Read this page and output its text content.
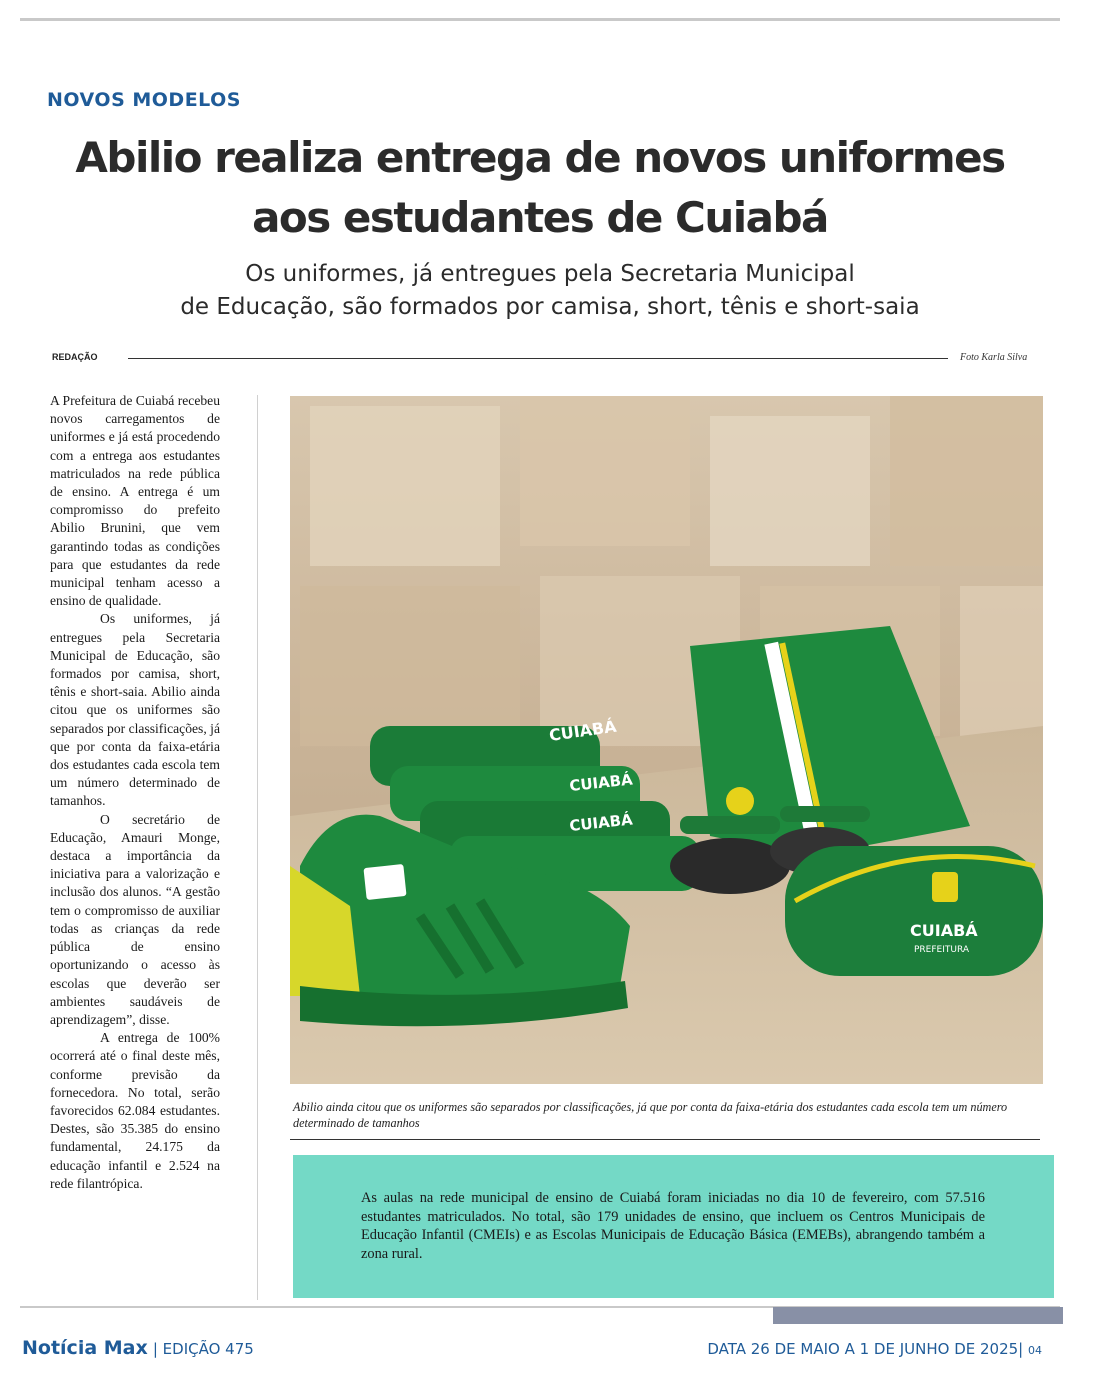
NOVOS MODELOS
Abilio realiza entrega de novos uniformes
aos estudantes de Cuiabá

Os uniformes, já entregues pela Secretaria Municipal
de Educação, são formados por camisa, short, tênis e short-saia

REDAÇÃO	Foto Karla Silva

A Prefeitura de Cuiabá recebeu novos carregamentos de uniformes e já está procedendo com a entrega aos estudantes matriculados na rede pública de ensino. A entrega é um compromisso do prefeito Abilio Brunini, que vem garantindo todas as condições para que estudantes da rede municipal tenham acesso a ensino de qualidade.

Os uniformes, já entregues pela Secretaria Municipal de Educação, são formados por camisa, short, tênis e short-saia. Abilio ainda citou que os uniformes são separados por classificações, já que por conta da faixa-etária dos estudantes cada escola tem um número determinado de tamanhos.

O secretário de Educação, Amauri Monge, destaca a importância da iniciativa para a valorização e inclusão dos alunos. “A gestão tem o compromisso de auxiliar todas as crianças da rede pública de ensino oportunizando o acesso às escolas que deverão ser ambientes saudáveis de aprendizagem”, disse.

A entrega de 100% ocorrerá até o final deste mês, conforme previsão da fornecedora. No total, serão favorecidos 62.084 estudantes. Destes, são 35.385 do ensino fundamental, 24.175 da educação infantil e 2.524 na rede filantrópica.

CUIABÁ
CUIABÁ
CUIABÁ
CUIABÁ
PREFEITURA
Abilio ainda citou que os uniformes são separados por classificações, já que por conta da faixa-etária dos estudantes cada escola tem um número determinado de tamanhos
As aulas na rede municipal de ensino de Cuiabá foram iniciadas no dia 10 de fevereiro, com 57.516 estudantes matriculados. No total, são 179 unidades de ensino, que incluem os Centros Municipais de Educação Infantil (CMEIs) e as Escolas Municipais de Educação Básica (EMEBs), abrangendo também a zona rural.
Notícia Max | EDIÇÃO 475	DATA 26 DE MAIO A 1 DE JUNHO DE 2025| 04
